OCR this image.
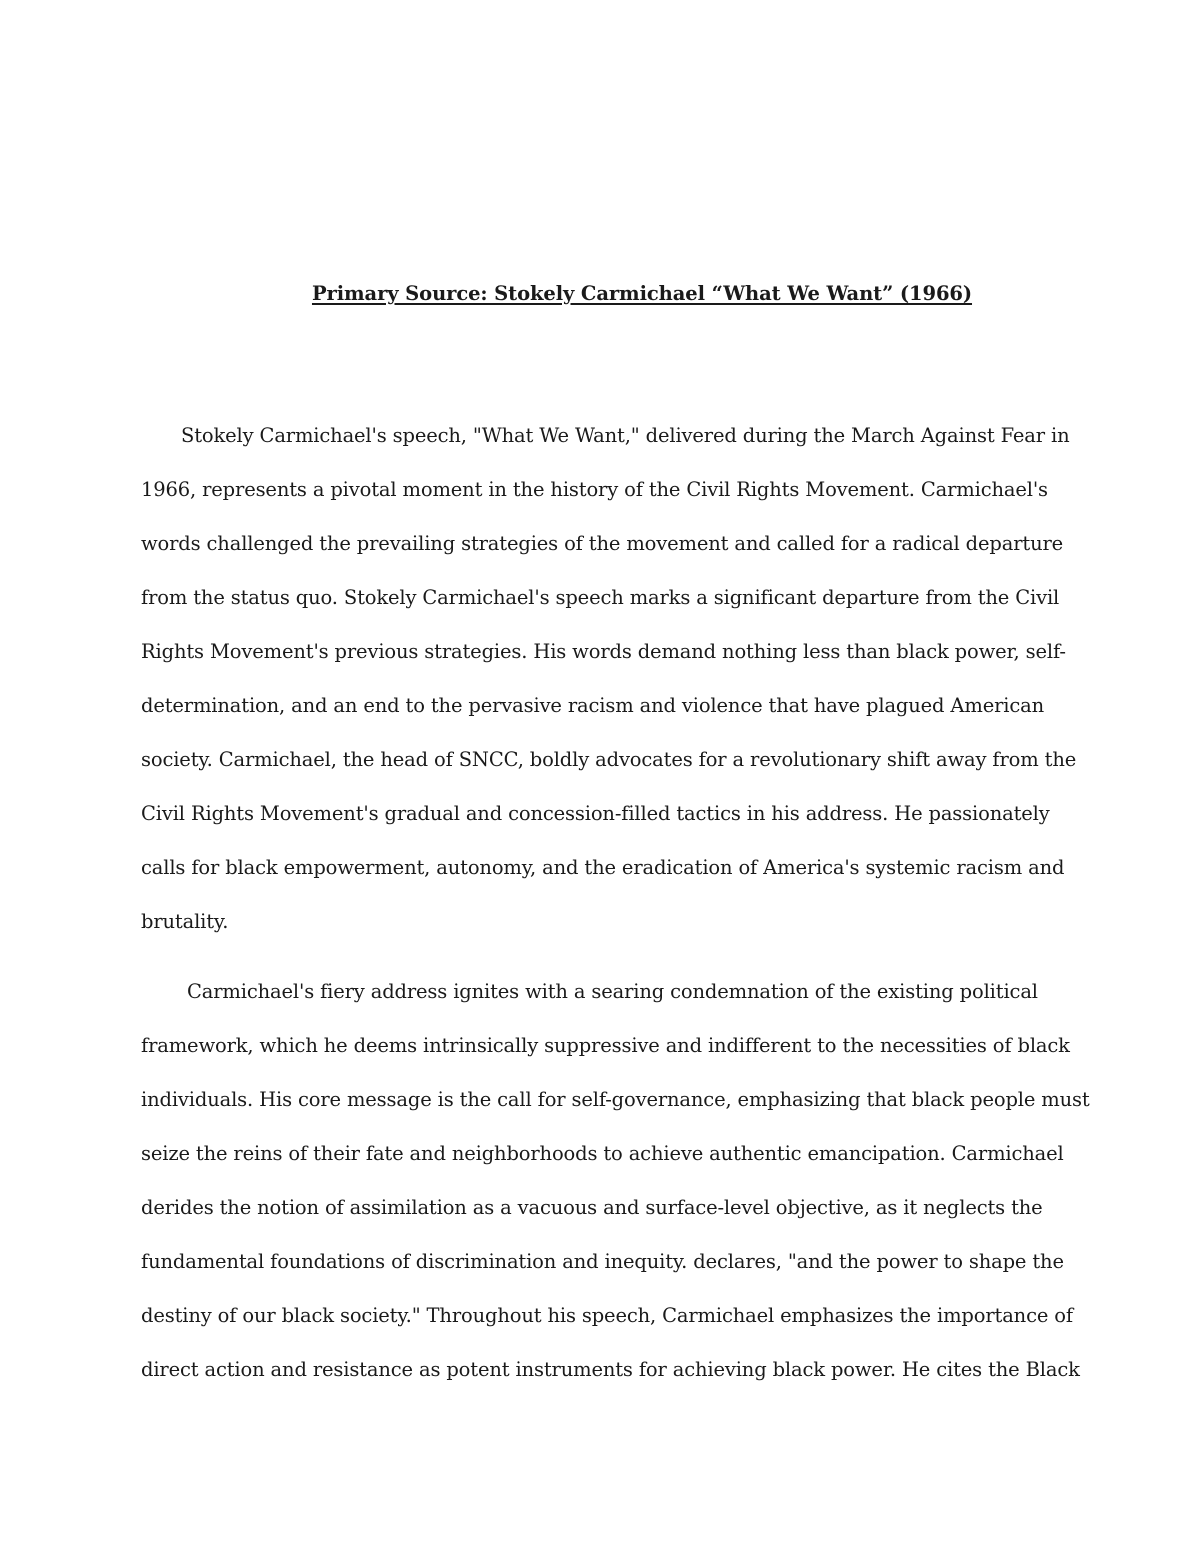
Primary Source: Stokely Carmichael “What We Want” (1966)
Stokely Carmichael's speech, "What We Want," delivered during the March Against Fear in
1966, represents a pivotal moment in the history of the Civil Rights Movement. Carmichael's
words challenged the prevailing strategies of the movement and called for a radical departure
from the status quo. Stokely Carmichael's speech marks a significant departure from the Civil
Rights Movement's previous strategies. His words demand nothing less than black power, self-
determination, and an end to the pervasive racism and violence that have plagued American
society. Carmichael, the head of SNCC, boldly advocates for a revolutionary shift away from the
Civil Rights Movement's gradual and concession-filled tactics in his address. He passionately
calls for black empowerment, autonomy, and the eradication of America's systemic racism and
brutality.
Carmichael's fiery address ignites with a searing condemnation of the existing political
framework, which he deems intrinsically suppressive and indifferent to the necessities of black
individuals. His core message is the call for self-governance, emphasizing that black people must
seize the reins of their fate and neighborhoods to achieve authentic emancipation. Carmichael
derides the notion of assimilation as a vacuous and surface-level objective, as it neglects the
fundamental foundations of discrimination and inequity. declares, "and the power to shape the
destiny of our black society." Throughout his speech, Carmichael emphasizes the importance of
direct action and resistance as potent instruments for achieving black power. He cites the Black
